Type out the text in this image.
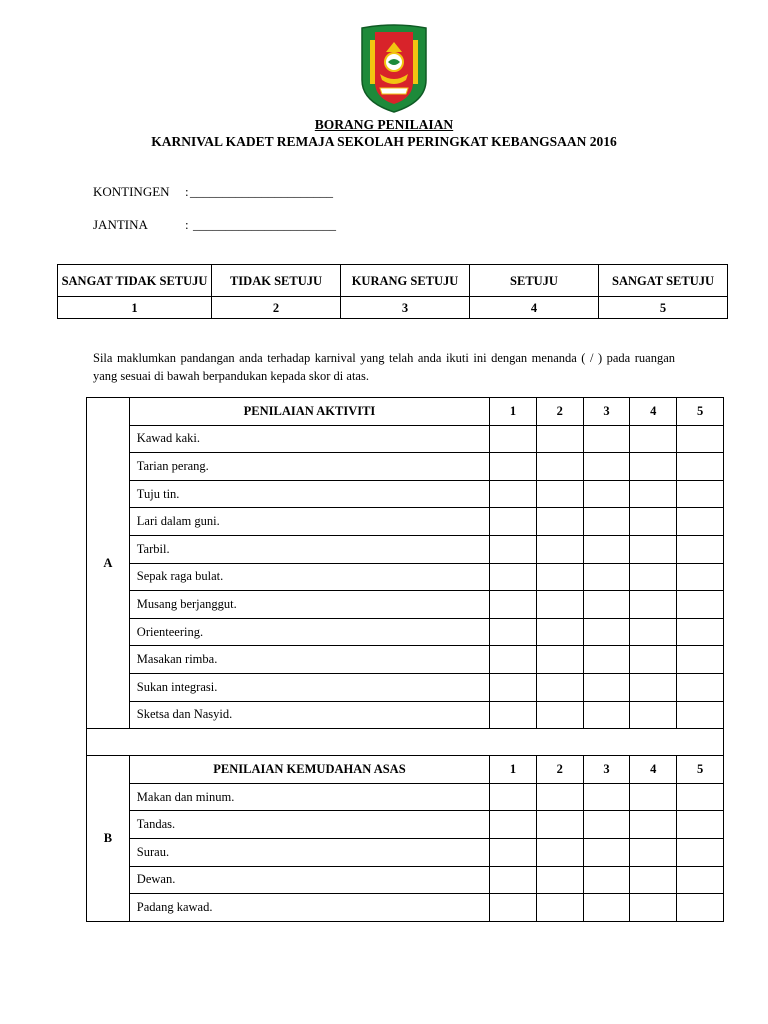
BORANG PENILAIAN
KARNIVAL KADET REMAJA SEKOLAH PERINGKAT KEBANGSAAN 2016
KONTINGEN : ______________________
JANTINA	: ______________________
SANGAT TIDAK SETUJU	TIDAK SETUJU	KURANG SETUJU	SETUJU	SANGAT SETUJU
1	2	3	4	5
Sila maklumkan pandangan anda terhadap karnival yang telah anda ikuti ini dengan menanda ( / ) pada ruangan yang sesuai di bawah berpandukan kepada skor di atas.
A	PENILAIAN AKTIVITI	1	2	3	4	5
	Kawad kaki.					
	Tarian perang.					
	Tuju tin.					
	Lari dalam guni.					
	Tarbil.					
	Sepak raga bulat.					
	Musang berjanggut.					
	Orienteering.					
	Masakan rimba.					
	Sukan integrasi.					
	Sketsa dan Nasyid.					

B	PENILAIAN KEMUDAHAN ASAS	1	2	3	4	5
	Makan dan minum.					
	Tandas.					
	Surau.					
	Dewan.					
	Padang kawad.					
